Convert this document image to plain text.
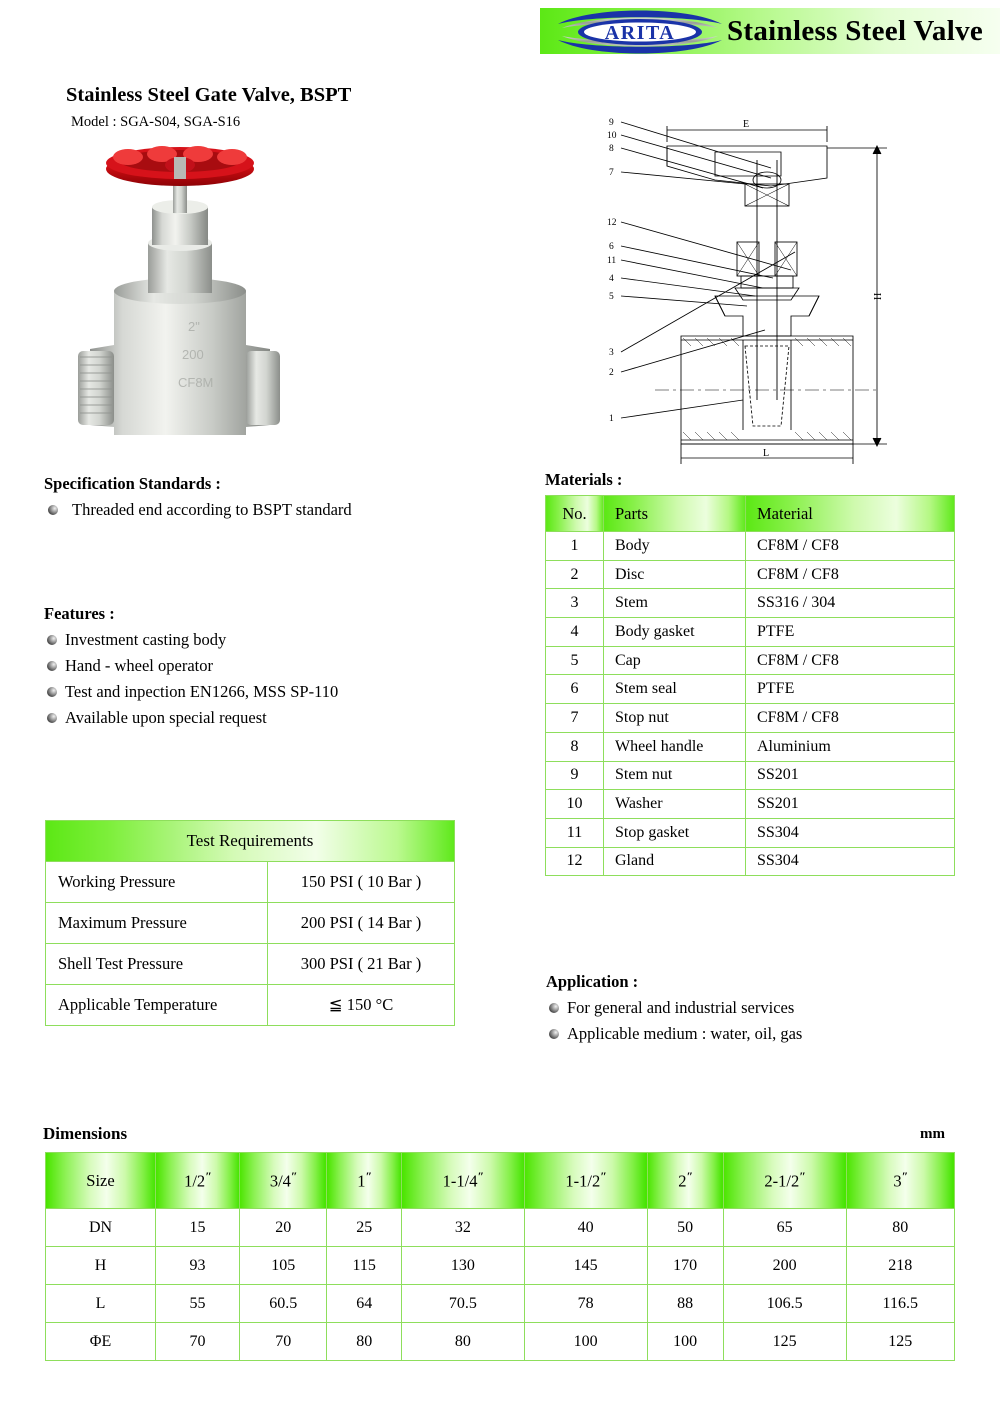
ARITA Stainless Steel Valve
Stainless Steel Gate Valve, BSPT
Model : SGA-S04, SGA-S16
2"
200
CF8M
9
10
8
7
12
6
11
4
5
3
2
1
E
H
L
Specification Standards :
Threaded end according to BSPT standard
Features :
Investment casting body
Hand - wheel operator
Test and inpection EN1266, MSS SP-110
Available upon special request
Materials :
No.	Parts	Material
1	Body	CF8M / CF8
2	Disc	CF8M / CF8
3	Stem	SS316 / 304
4	Body gasket	PTFE
5	Cap	CF8M / CF8
6	Stem seal	PTFE
7	Stop nut	CF8M / CF8
8	Wheel handle	Aluminium
9	Stem nut	SS201
10	Washer	SS201
11	Stop gasket	SS304
12	Gland	SS304
Test Requirements	
Working Pressure	150 PSI ( 10 Bar )
Maximum Pressure	200 PSI ( 14 Bar )
Shell Test Pressure	300 PSI ( 21 Bar )
Applicable Temperature	≦ 150 °C
Application :
For general and industrial services
Applicable medium : water, oil, gas
Dimensions	mm
Size	1/2″	3/4″	1″	1-1/4″	1-1/2″	2″	2-1/2″	3″
DN	15	20	25	32	40	50	65	80
H	93	105	115	130	145	170	200	218
L	55	60.5	64	70.5	78	88	106.5	116.5
ΦE	70	70	80	80	100	100	125	125
